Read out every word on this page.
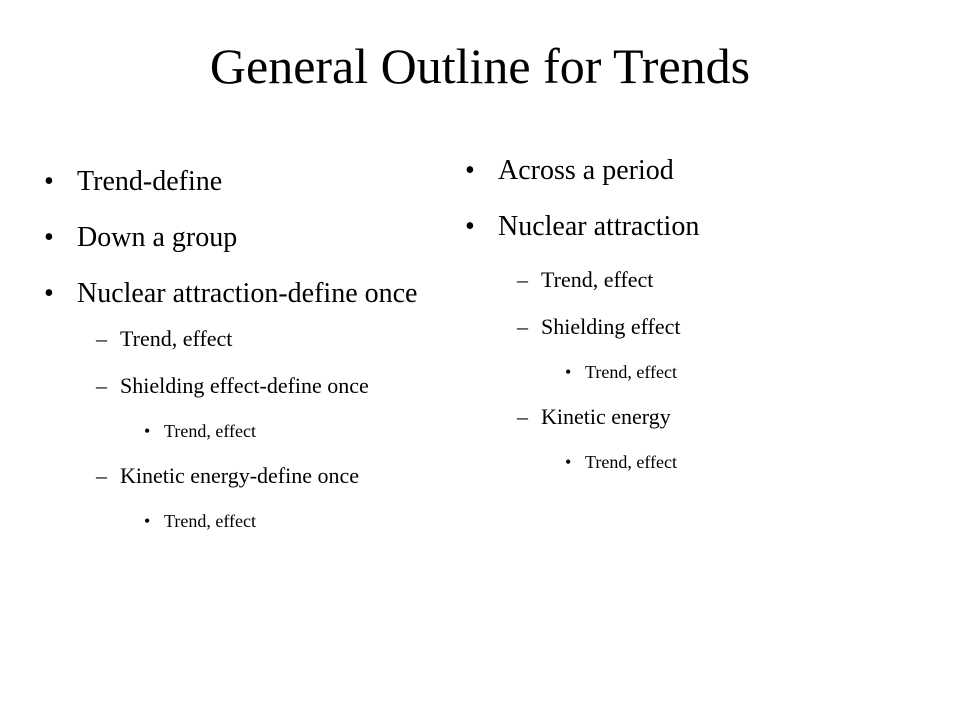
General Outline for Trends
• Trend-define
• Down a group
• Nuclear attraction-define once
– Trend, effect
– Shielding effect-define once
• Trend, effect
– Kinetic energy-define once
• Trend, effect
• Across a period
• Nuclear attraction
– Trend, effect
– Shielding effect
• Trend, effect
– Kinetic energy
• Trend, effect
